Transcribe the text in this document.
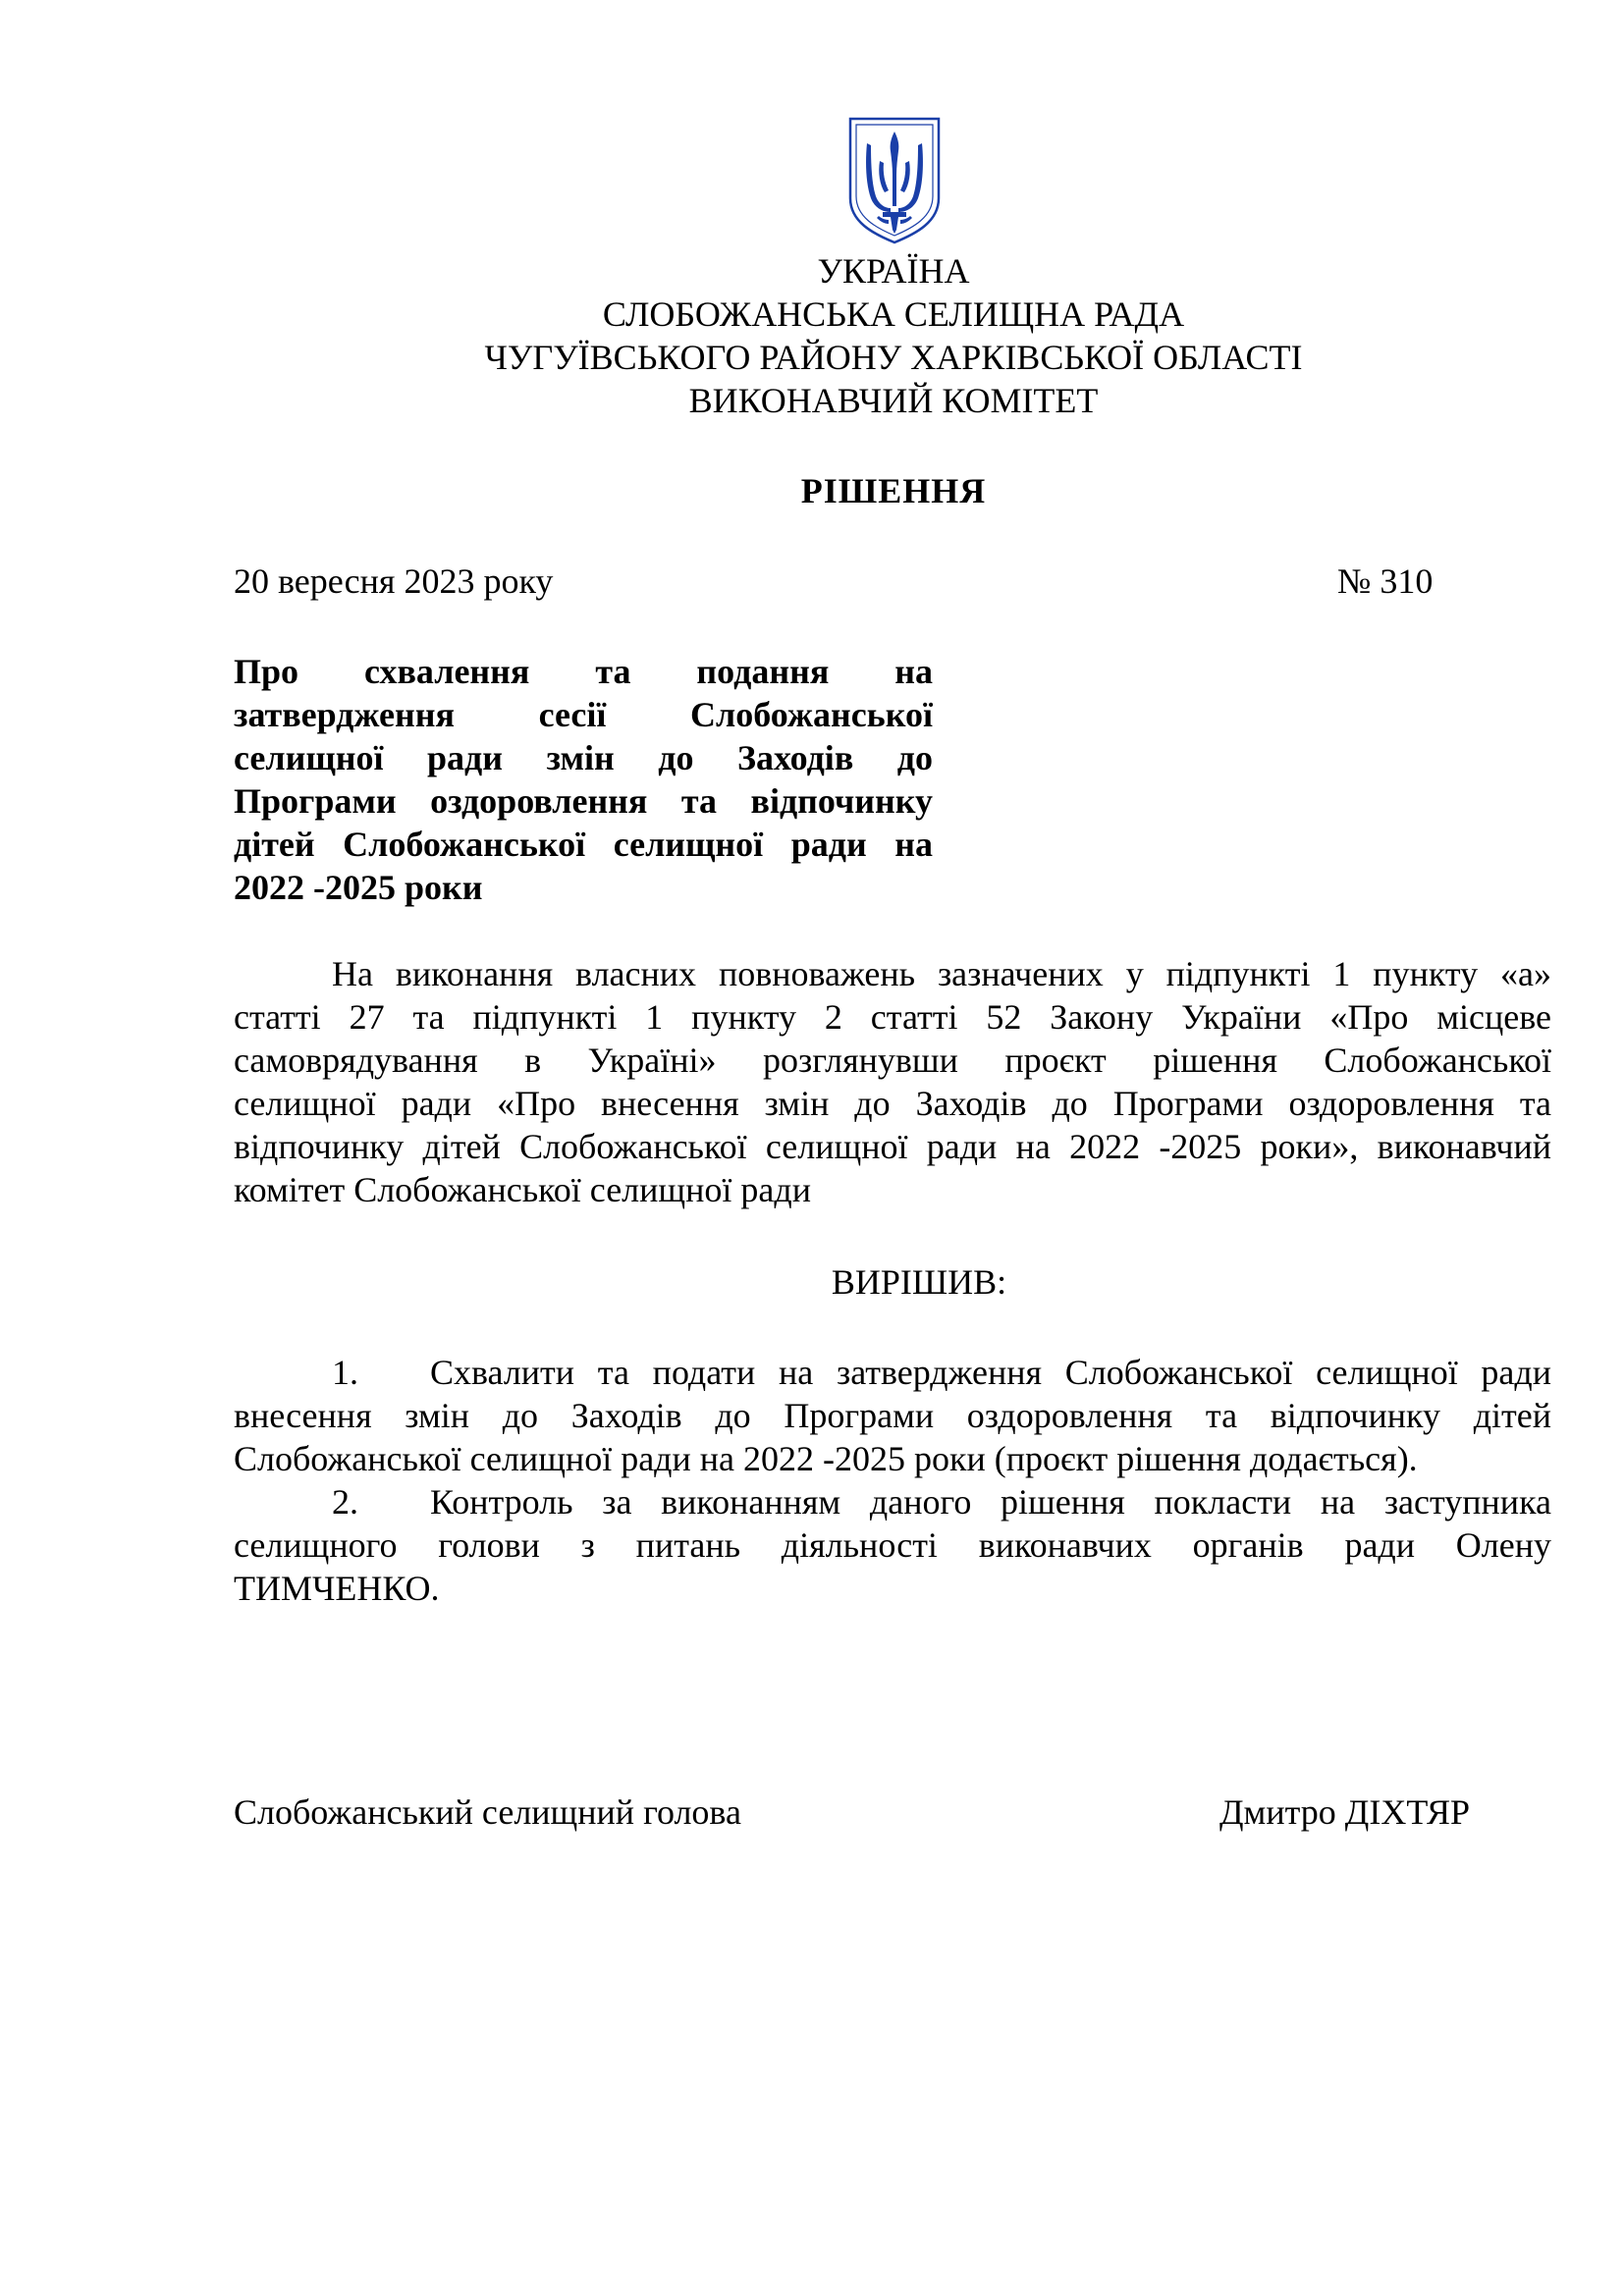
УКРАЇНА
СЛОБОЖАНСЬКА СЕЛИЩНА РАДА
ЧУГУЇВСЬКОГО РАЙОНУ ХАРКІВСЬКОЇ ОБЛАСТІ
ВИКОНАВЧИЙ КОМІТЕТ
РІШЕННЯ
20 вересня 2023 року	№ 310
Про схвалення та подання на
затвердження сесії Слобожанської
селищної ради змін до Заходів до
Програми оздоровлення та відпочинку
дітей Слобожанської селищної ради на
2022 -2025 роки
На виконання власних повноважень зазначених у підпункті 1 пункту «а»
статті 27 та підпункті 1 пункту 2 статті 52 Закону України «Про місцеве
самоврядування в Україні» розглянувши проєкт рішення Слобожанської
селищної ради «Про внесення змін до Заходів до Програми оздоровлення та
відпочинку дітей Слобожанської селищної ради на 2022 -2025 роки», виконавчий
комітет Слобожанської селищної ради
ВИРІШИВ:
1. Схвалити та подати на затвердження Слобожанської селищної ради
внесення змін до Заходів до Програми оздоровлення та відпочинку дітей
Слобожанської селищної ради на 2022 -2025 роки (проєкт рішення додається).
2. Контроль за виконанням даного рішення покласти на заступника
селищного голови з питань діяльності виконавчих органів ради Олену
ТИМЧЕНКО.
Слобожанський селищний голова	Дмитро ДІХТЯР
